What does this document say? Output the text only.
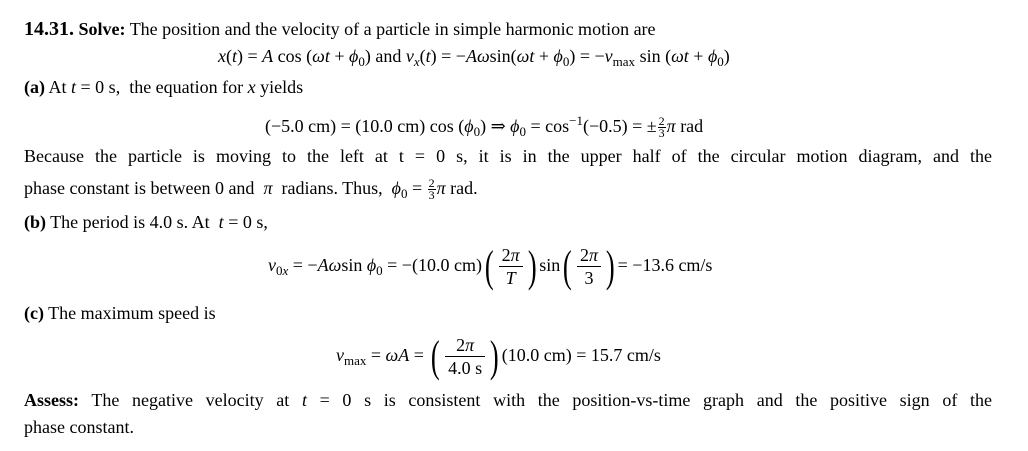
14.31. Solve: The position and the velocity of a particle in simple harmonic motion are
x(t) = A $\cos (\omega t + \phi_0)$ and $v_x(t) = -A\omega\sin(\omega t + \phi_0) = -v_{max}$ $\sin (\omega t + \phi_0)$
(a) At t = 0 s,  the equation for x yields
(−5.0 cm) = (10.0 cm) $\cos (\phi_0)$ ⇒ $\phi_0 = \cos^{-1}(-0.5)$ = ± $\frac{2}{3}$ π rad
Because the particle is moving to the left at t = 0 s, it is in the upper half of the circular motion diagram, and the
phase constant is between 0 and  π  radians. Thus,  $\phi_0 = \frac{2}{3}$ π rad.
(b) The period is 4.0 s. At  t = 0 s,
$v_{0x} = -A\omega\sin$ $\phi_0 = -(10.0$ $cm)( \frac{2\pi}{T}$ ) $\sin( \frac{2\pi}{3}$ ) = −13.6 cm/s
(c) The maximum speed is
$v_{max} = \omega A$ = ( $\frac{2\pi}{4.0 s}$ ) (10.0 cm) = 15.7 cm/s
Assess: The negative velocity at t = 0 s is consistent with the position-vs-time graph and the positive sign of the
phase constant.
